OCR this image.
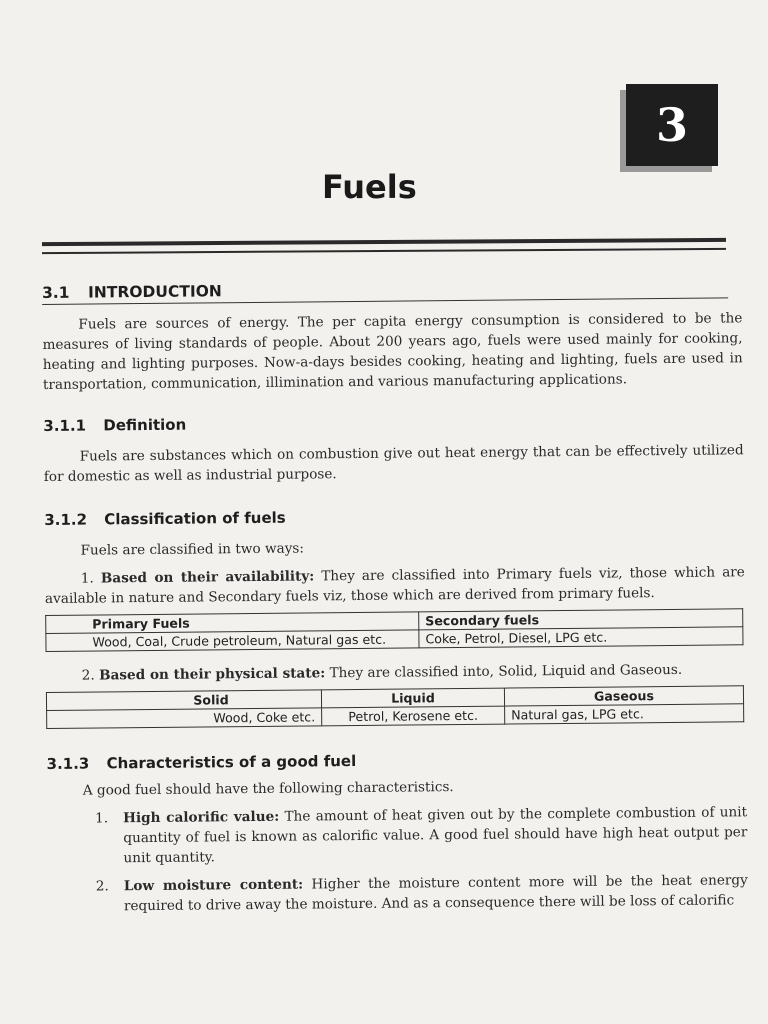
3
Fuels
3.1 INTRODUCTION

Fuels are sources of energy. The per capita energy consumption is considered to be the measures of living standards of people. About 200 years ago, fuels were used mainly for cooking, heating and lighting purposes. Now-a-days besides cooking, heating and lighting, fuels are used in transportation, communication, illimination and various manufacturing applications.

3.1.1 Definition

Fuels are substances which on combustion give out heat energy that can be effectively utilized for domestic as well as industrial purpose.

3.1.2 Classification of fuels

Fuels are classified in two ways:

1. Based on their availability: They are classified into Primary fuels viz, those which are available in nature and Secondary fuels viz, those which are derived from primary fuels.

Primary Fuels	Secondary fuels
Wood, Coal, Crude petroleum, Natural gas etc.	Coke, Petrol, Diesel, LPG etc.

2. Based on their physical state: They are classified into, Solid, Liquid and Gaseous.

Solid	Liquid	Gaseous
Wood, Coke etc.	Petrol, Kerosene etc.	Natural gas, LPG etc.
3.1.3 Characteristics of a good fuel

A good fuel should have the following characteristics.

1. High calorific value: The amount of heat given out by the complete combustion of unit quantity of fuel is known as calorific value. A good fuel should have high heat output per unit quantity.
2. Low moisture content: Higher the moisture content more will be the heat energy required to drive away the moisture. And as a consequence there will be loss of calorific
